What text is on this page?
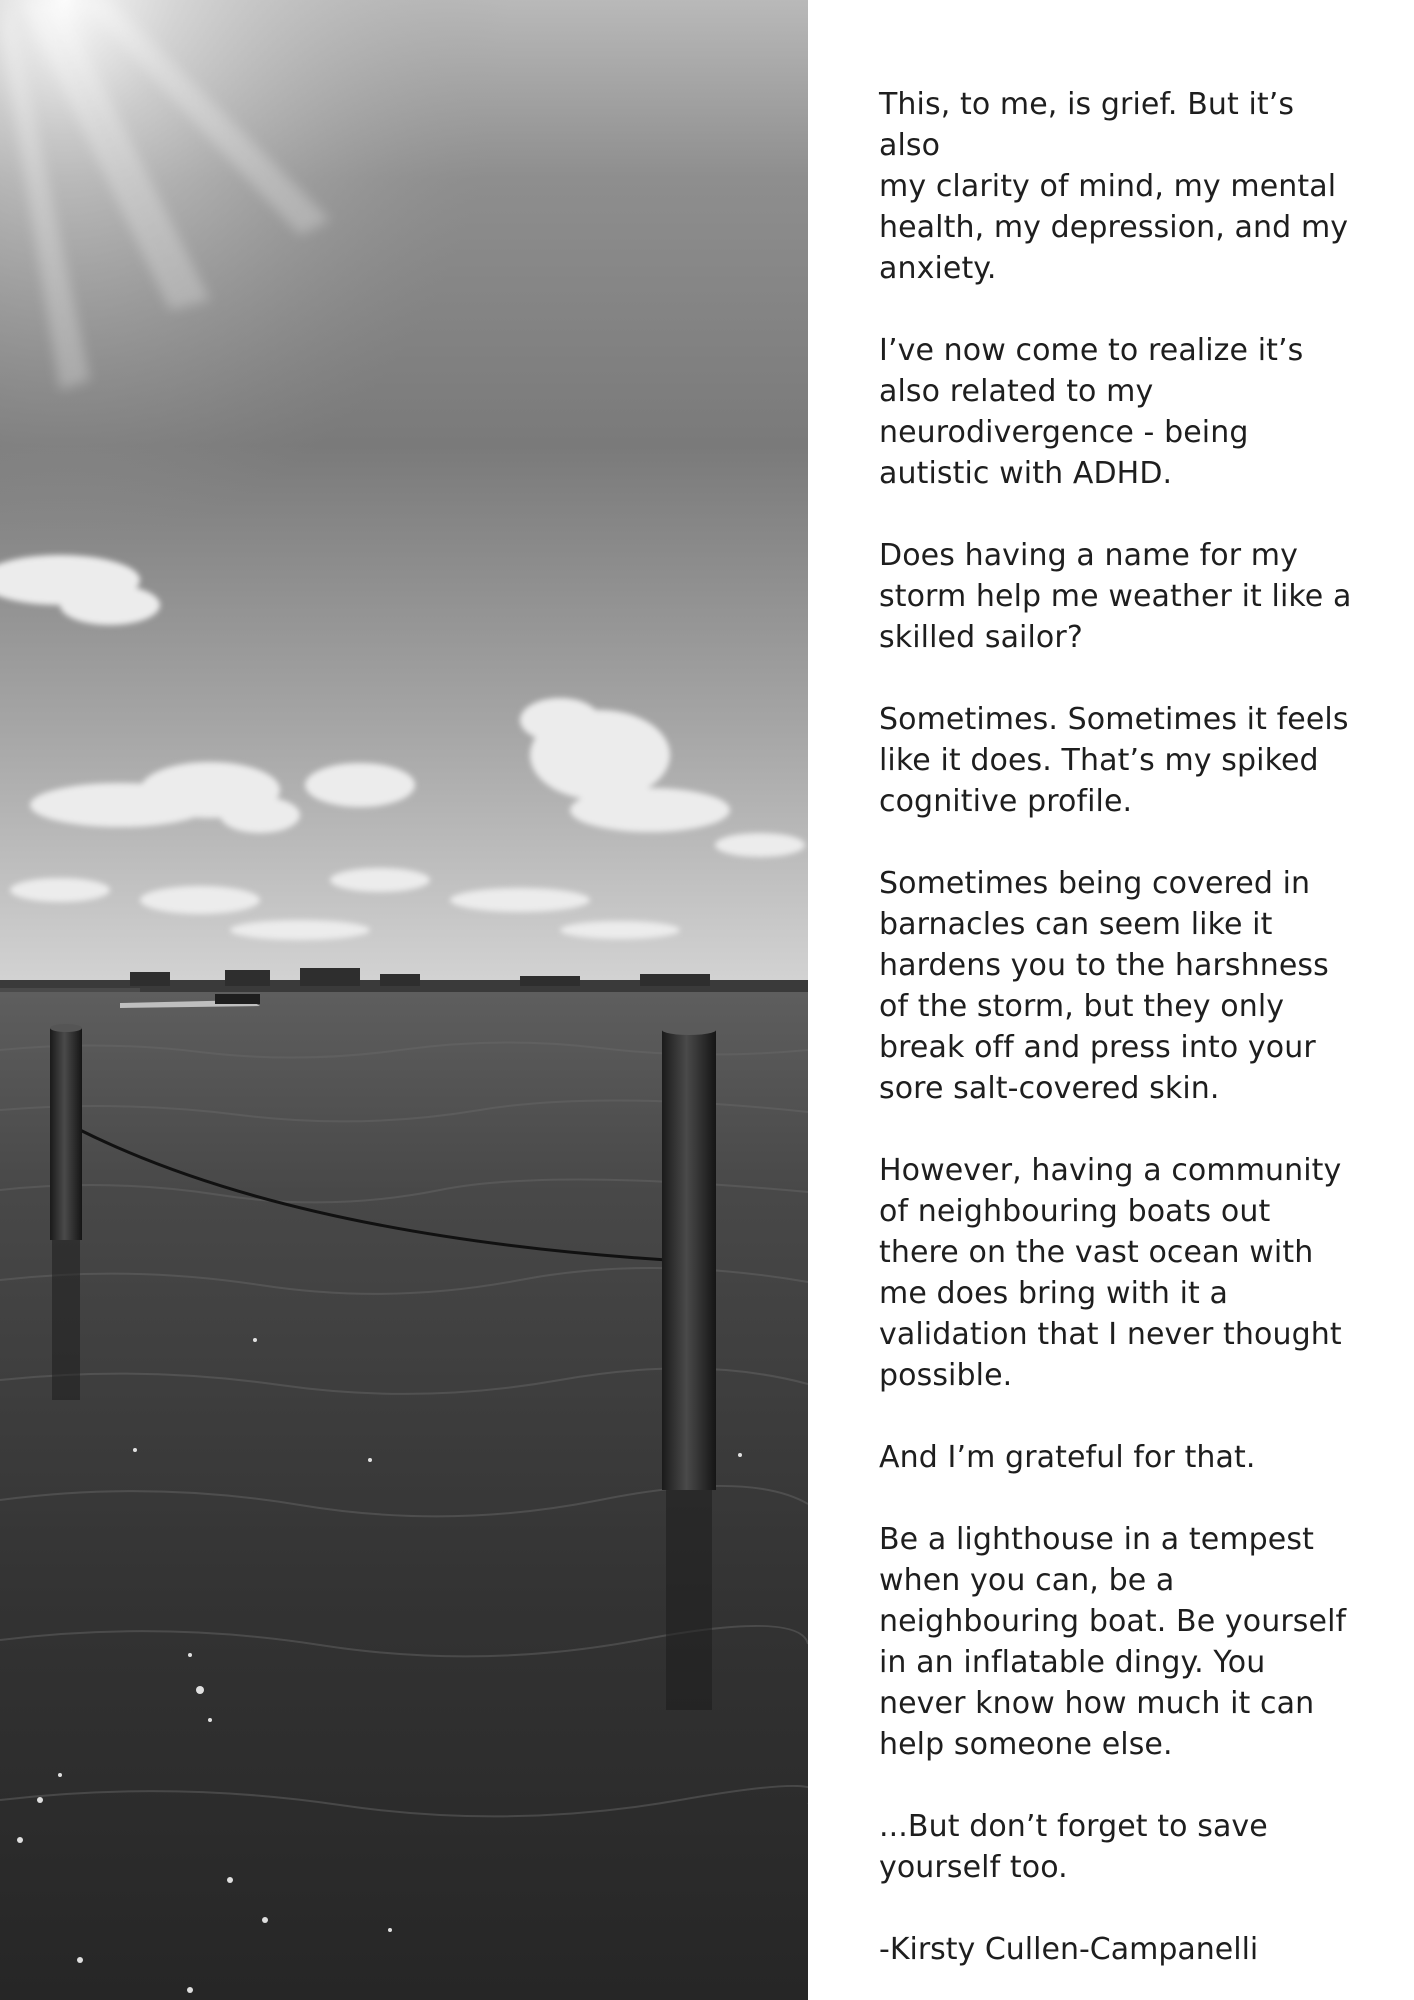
This, to me, is grief. But it’s also
my clarity of mind, my mental
health, my depression, and my
anxiety.

I’ve now come to realize it’s
also related to my
neurodivergence - being
autistic with ADHD.

Does having a name for my
storm help me weather it like a
skilled sailor?

Sometimes. Sometimes it feels
like it does. That’s my spiked
cognitive profile.

Sometimes being covered in
barnacles can seem like it
hardens you to the harshness
of the storm, but they only
break off and press into your
sore salt-covered skin.

However, having a community
of neighbouring boats out
there on the vast ocean with
me does bring with it a
validation that I never thought
possible.

And I’m grateful for that.

Be a lighthouse in a tempest
when you can, be a
neighbouring boat. Be yourself
in an inflatable dingy. You
never know how much it can
help someone else.

...But don’t forget to save
yourself too.

-Kirsty Cullen-Campanelli
